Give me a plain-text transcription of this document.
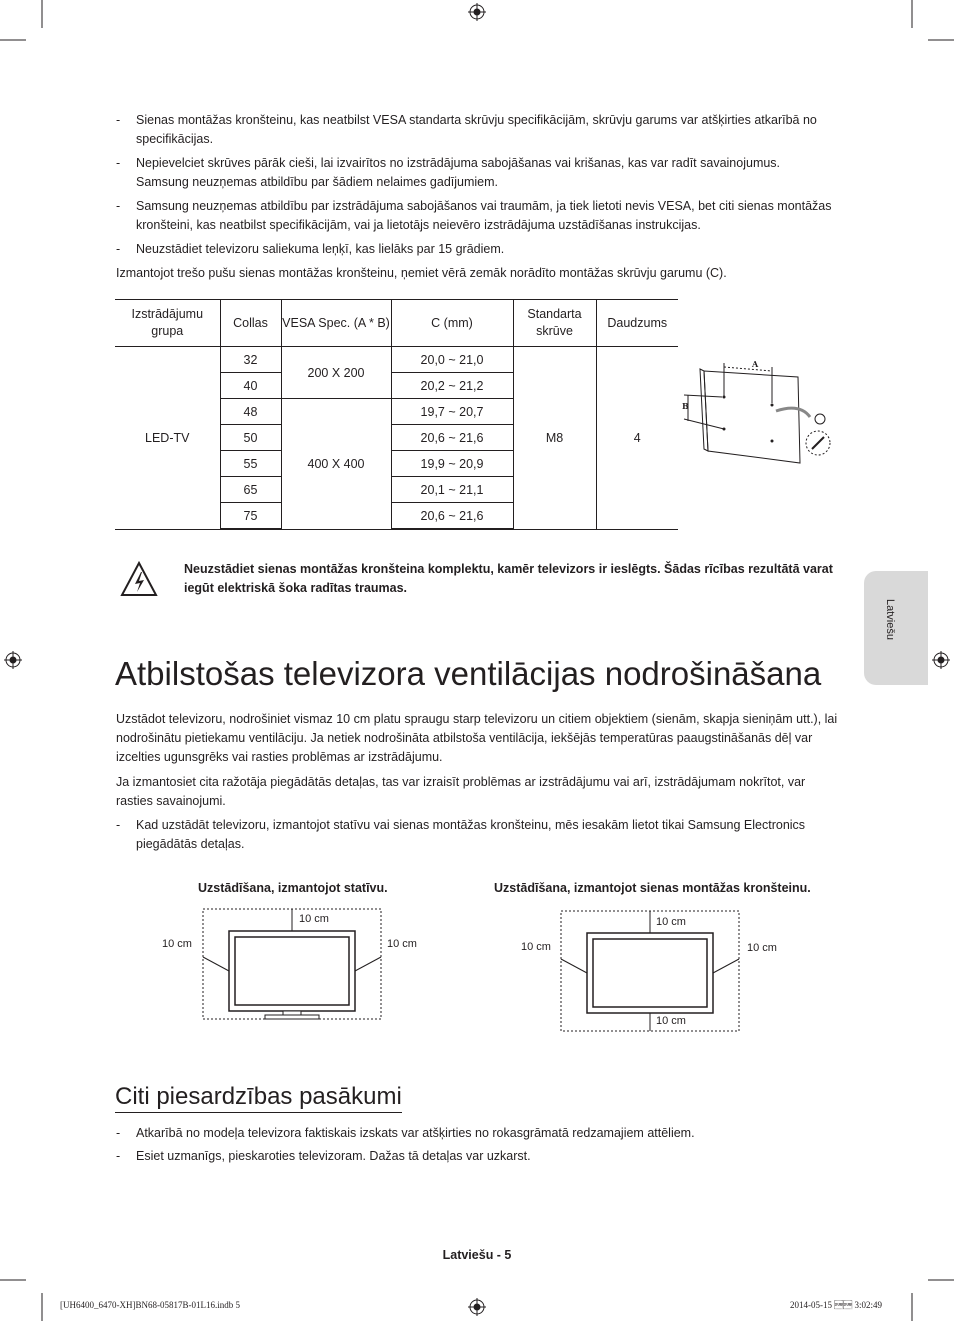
- Sienas montāžas kronšteinu, kas neatbilst VESA standarta skrūvju specifikācijām, skrūvju garums var atšķirties atkarībā no specifikācijas.
- Nepievelciet skrūves pārāk cieši, lai izvairītos no izstrādājuma sabojāšanas vai krišanas, kas var radīt savainojumus. Samsung neuzņemas atbildību par šādiem nelaimes gadījumiem.
- Samsung neuzņemas atbildību par izstrādājuma sabojāšanos vai traumām, ja tiek lietoti nevis VESA, bet citi sienas montāžas kronšteini, kas neatbilst specifikācijām, vai ja lietotājs neievēro izstrādājuma uzstādīšanas instrukcijas.
- Neuzstādiet televizoru saliekuma leņķī, kas lielāks par 15 grādiem.
Izmantojot trešo pušu sienas montāžas kronšteinu, ņemiet vērā zemāk norādīto montāžas skrūvju garumu (C).
Izstrādājumu grupa	Collas	VESA Spec. (A * B)	C (mm)	Standarta skrūve	Daudzums
LED-TV	32	200 X 200	20,0 ~ 21,0	M8	4
	40		20,2 ~ 21,2		
	48	400 X 400	19,7 ~ 20,7		
	50		20,6 ~ 21,6		
	55		19,9 ~ 20,9		
	65		20,1 ~ 21,1		
	75		20,6 ~ 21,6		
A
B
Neuzstādiet sienas montāžas kronšteina komplektu, kamēr televizors ir ieslēgts. Šādas rīcības rezultātā varat iegūt elektriskā šoka radītas traumas.
Atbilstošas televizora ventilācijas nodrošināšana
Uzstādot televizoru, nodrošiniet vismaz 10 cm platu spraugu starp televizoru un citiem objektiem (sienām, skapja sieniņām utt.), lai nodrošinātu pietiekamu ventilāciju. Ja netiek nodrošināta atbilstoša ventilācija, iekšējās temperatūras paaugstināšanās dēļ var izcelties ugunsgrēks vai rasties problēmas ar izstrādājumu.
Ja izmantosiet cita ražotāja piegādātās detaļas, tas var izraisīt problēmas ar izstrādājumu vai arī, izstrādājumam nokrītot, var rasties savainojumi.
- Kad uzstādāt televizoru, izmantojot statīvu vai sienas montāžas kronšteinu, mēs iesakām lietot tikai Samsung Electronics piegādātās detaļas.
Uzstādīšana, izmantojot statīvu.
10 cm
10 cm	10 cm
Uzstādīšana, izmantojot sienas montāžas kronšteinu.
10 cm
10 cm	10 cm
10 cm
Citi piesardzības pasākumi
- Atkarībā no modeļa televizora faktiskais izskats var atšķirties no rokasgrāmatā redzamajiem attēliem.
- Esiet uzmanīgs, pieskaroties televizoram. Dažas tā detaļas var uzkarst.
Latviešu
Latviešu - 5
[UH6400_6470-XH]BN68-05817B-01L16.indb 5	2014-05-15  3:02:49
